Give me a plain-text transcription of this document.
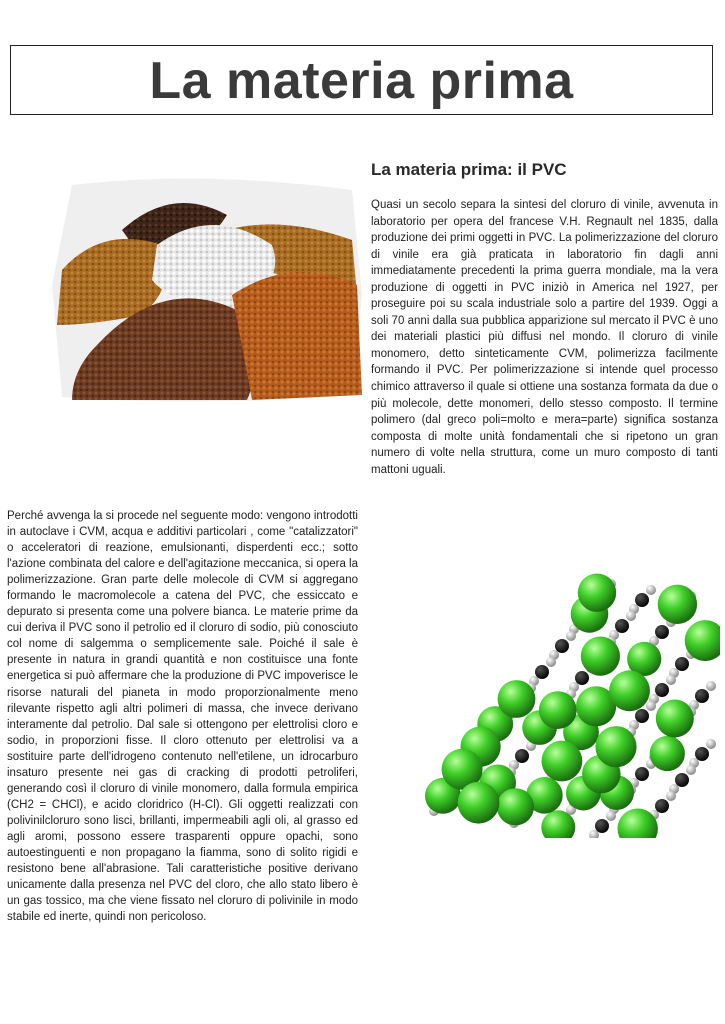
La materia prima
La materia prima: il PVC

Quasi un secolo separa la sintesi del cloruro di vinile, avvenuta in laboratorio per opera del francese V.H. Regnault nel 1835, dalla produzione dei primi oggetti in PVC. La polimerizzazione del cloruro di vinile era già praticata in laboratorio fin dagli anni immediatamente precedenti la prima guerra mondiale, ma la vera produzione di oggetti in PVC iniziò in America nel 1927, per proseguire poi su scala industriale solo a partire del 1939. Oggi a soli 70 anni dalla sua pubblica apparizione sul mercato il PVC è uno dei materiali plastici più diffusi nel mondo. Il cloruro di vinile monomero, detto sinteticamente CVM, polimerizza facilmente formando il PVC. Per polimerizzazione si intende quel processo chimico attraverso il quale si ottiene una sostanza formata da due o più molecole, dette monomeri, dello stesso composto. Il termine polimero (dal greco poli=molto e mera=parte) significa sostanza composta di molte unità fondamentali che si ripetono un gran numero di volte nella struttura, come un muro composto di tanti mattoni uguali.

Perché avvenga la si procede nel seguente modo: vengono introdotti in autoclave i CVM, acqua e additivi particolari , come "catalizzatori" o acceleratori di reazione, emulsionanti, disperdenti ecc.; sotto l'azione combinata del calore e dell'agitazione meccanica, si opera la polimerizzazione. Gran parte delle molecole di CVM si aggregano formando le macromolecole a catena del PVC, che essiccato e depurato si presenta come una polvere bianca. Le materie prime da cui deriva il PVC sono il petrolio ed il cloruro di sodio, più conosciuto col nome di salgemma o semplicemente sale. Poiché il sale è presente in natura in grandi quantità e non costituisce una fonte energetica si può affermare che la produzione di PVC impoverisce le risorse naturali del pianeta in modo proporzionalmente meno rilevante rispetto agli altri polimeri di massa, che invece derivano interamente dal petrolio. Dal sale si ottengono per elettrolisi cloro e sodio, in proporzioni fisse. Il cloro ottenuto per elettrolisi va a sostituire parte dell'idrogeno contenuto nell'etilene, un idrocarburo insaturo presente nei gas di cracking di prodotti petroliferi, generando così il cloruro di vinile monomero, dalla formula empirica (CH2 = CHCl), e acido cloridrico (H-Cl). Gli oggetti realizzati con polivinilcloruro sono lisci, brillanti, impermeabili agli oli, al grasso ed agli aromi, possono essere trasparenti oppure opachi, sono autoestinguenti e non propagano la fiamma, sono di solito rigidi e resistono bene all'abrasione. Tali caratteristiche positive derivano unicamente dalla presenza nel PVC del cloro, che allo stato libero è un gas tossico, ma che viene fissato nel cloruro di polivinile in modo stabile ed inerte, quindi non pericoloso.
